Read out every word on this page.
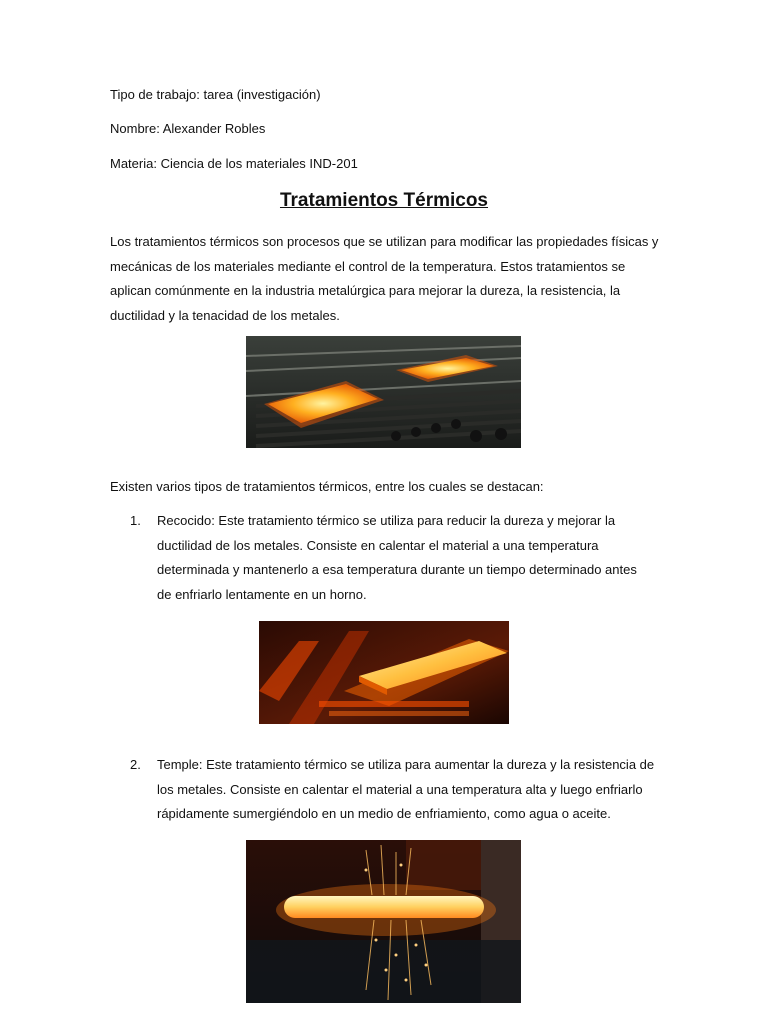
Tipo de trabajo: tarea (investigación)
Nombre: Alexander Robles
Materia: Ciencia de los materiales IND-201
Tratamientos Térmicos
Los tratamientos térmicos son procesos que se utilizan para modificar las propiedades físicas y
mecánicas de los materiales mediante el control de la temperatura. Estos tratamientos se
aplican comúnmente en la industria metalúrgica para mejorar la dureza, la resistencia, la
ductilidad y la tenacidad de los metales.
Existen varios tipos de tratamientos térmicos, entre los cuales se destacan:
1. Recocido: Este tratamiento térmico se utiliza para reducir la dureza y mejorar la
ductilidad de los metales. Consiste en calentar el material a una temperatura
determinada y mantenerlo a esa temperatura durante un tiempo determinado antes
de enfriarlo lentamente en un horno.
2. Temple: Este tratamiento térmico se utiliza para aumentar la dureza y la resistencia de
los metales. Consiste en calentar el material a una temperatura alta y luego enfriarlo
rápidamente sumergiéndolo en un medio de enfriamiento, como agua o aceite.
